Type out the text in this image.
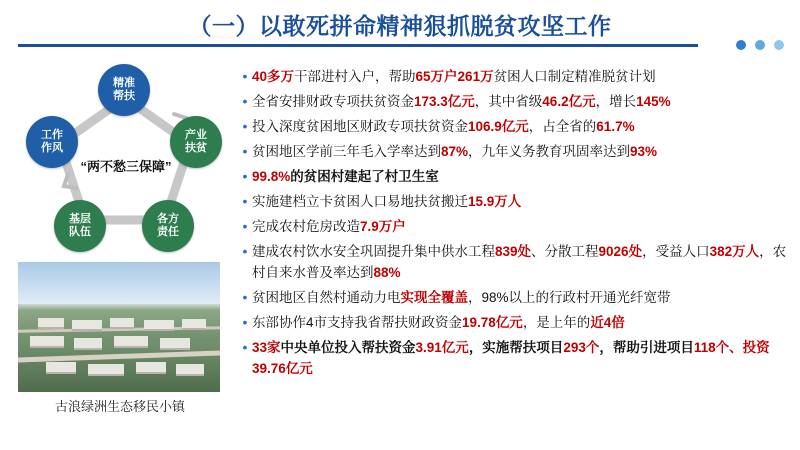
（一）以敢死拼命精神狠抓脱贫攻坚工作
精准
帮扶
产业
扶贫
各方
责任
基层
队伍
工作
作风
“两不愁三保障”
古浪绿洲生态移民小镇
• 40多万干部进村入户，帮助65万户261万贫困人口制定精准脱贫计划
• 全省安排财政专项扶贫资金173.3亿元，其中省级46.2亿元，增长145%
• 投入深度贫困地区财政专项扶贫资金106.9亿元，占全省的61.7%
• 贫困地区学前三年毛入学率达到87%，九年义务教育巩固率达到93%
• 99.8%的贫困村建起了村卫生室
• 实施建档立卡贫困人口易地扶贫搬迁15.9万人
• 完成农村危房改造7.9万户
• 建成农村饮水安全巩固提升集中供水工程839处、分散工程9026处，受益人口382万人，农村自来水普及率达到88%
• 贫困地区自然村通动力电实现全覆盖，98%以上的行政村开通光纤宽带
• 东部协作4市支持我省帮扶财政资金19.78亿元，是上年的近4倍
• 33家中央单位投入帮扶资金3.91亿元，实施帮扶项目293个，帮助引进项目118个、投资39.76亿元
